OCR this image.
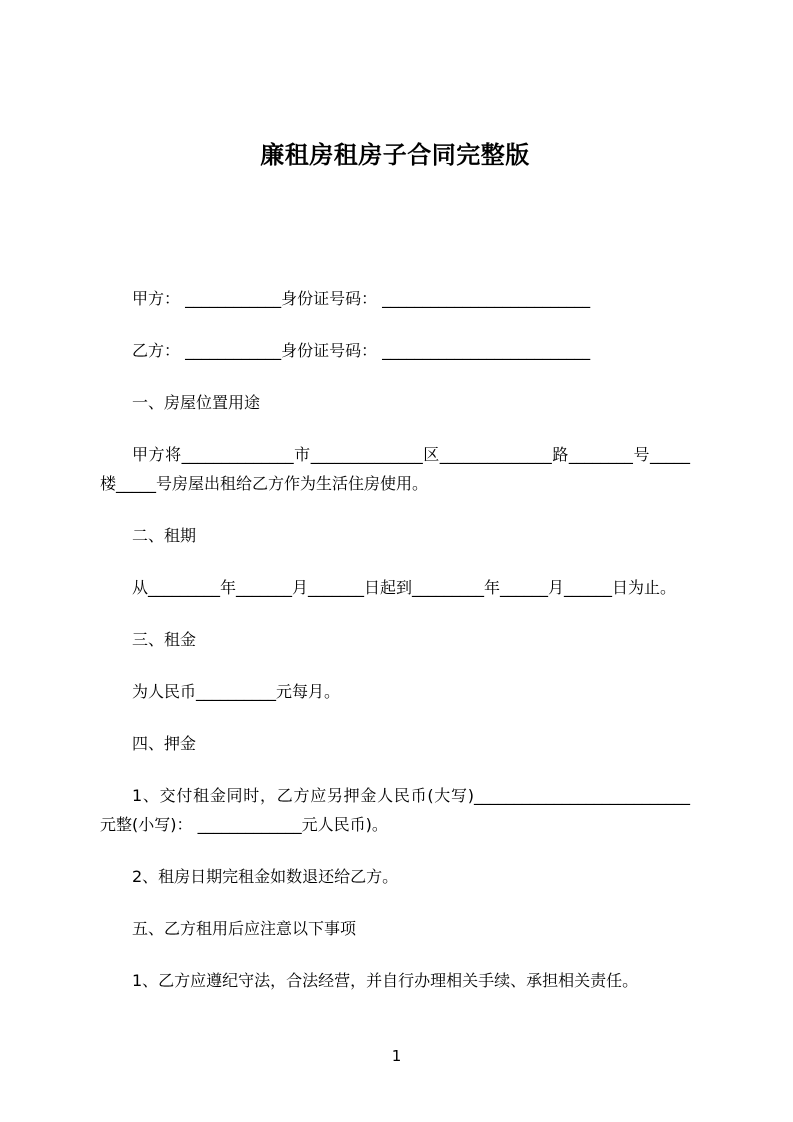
廉租房租房子合同完整版

甲方： ____________身份证号码： __________________________

乙方： ____________身份证号码： __________________________

一、房屋位置用途

甲方将______________市______________区______________路________号_____楼_____号房屋出租给乙方作为生活住房使用。

二、租期

从_________年_______月_______日起到_________年______月______日为止。

三、租金

为人民币__________元每月。

四、押金

1、交付租金同时，乙方应另押金人民币(大写)___________________________元整(小写)： _____________元人民币)。

2、租房日期完租金如数退还给乙方。

五、乙方租用后应注意以下事项

1、乙方应遵纪守法，合法经营，并自行办理相关手续、承担相关责任。

1
